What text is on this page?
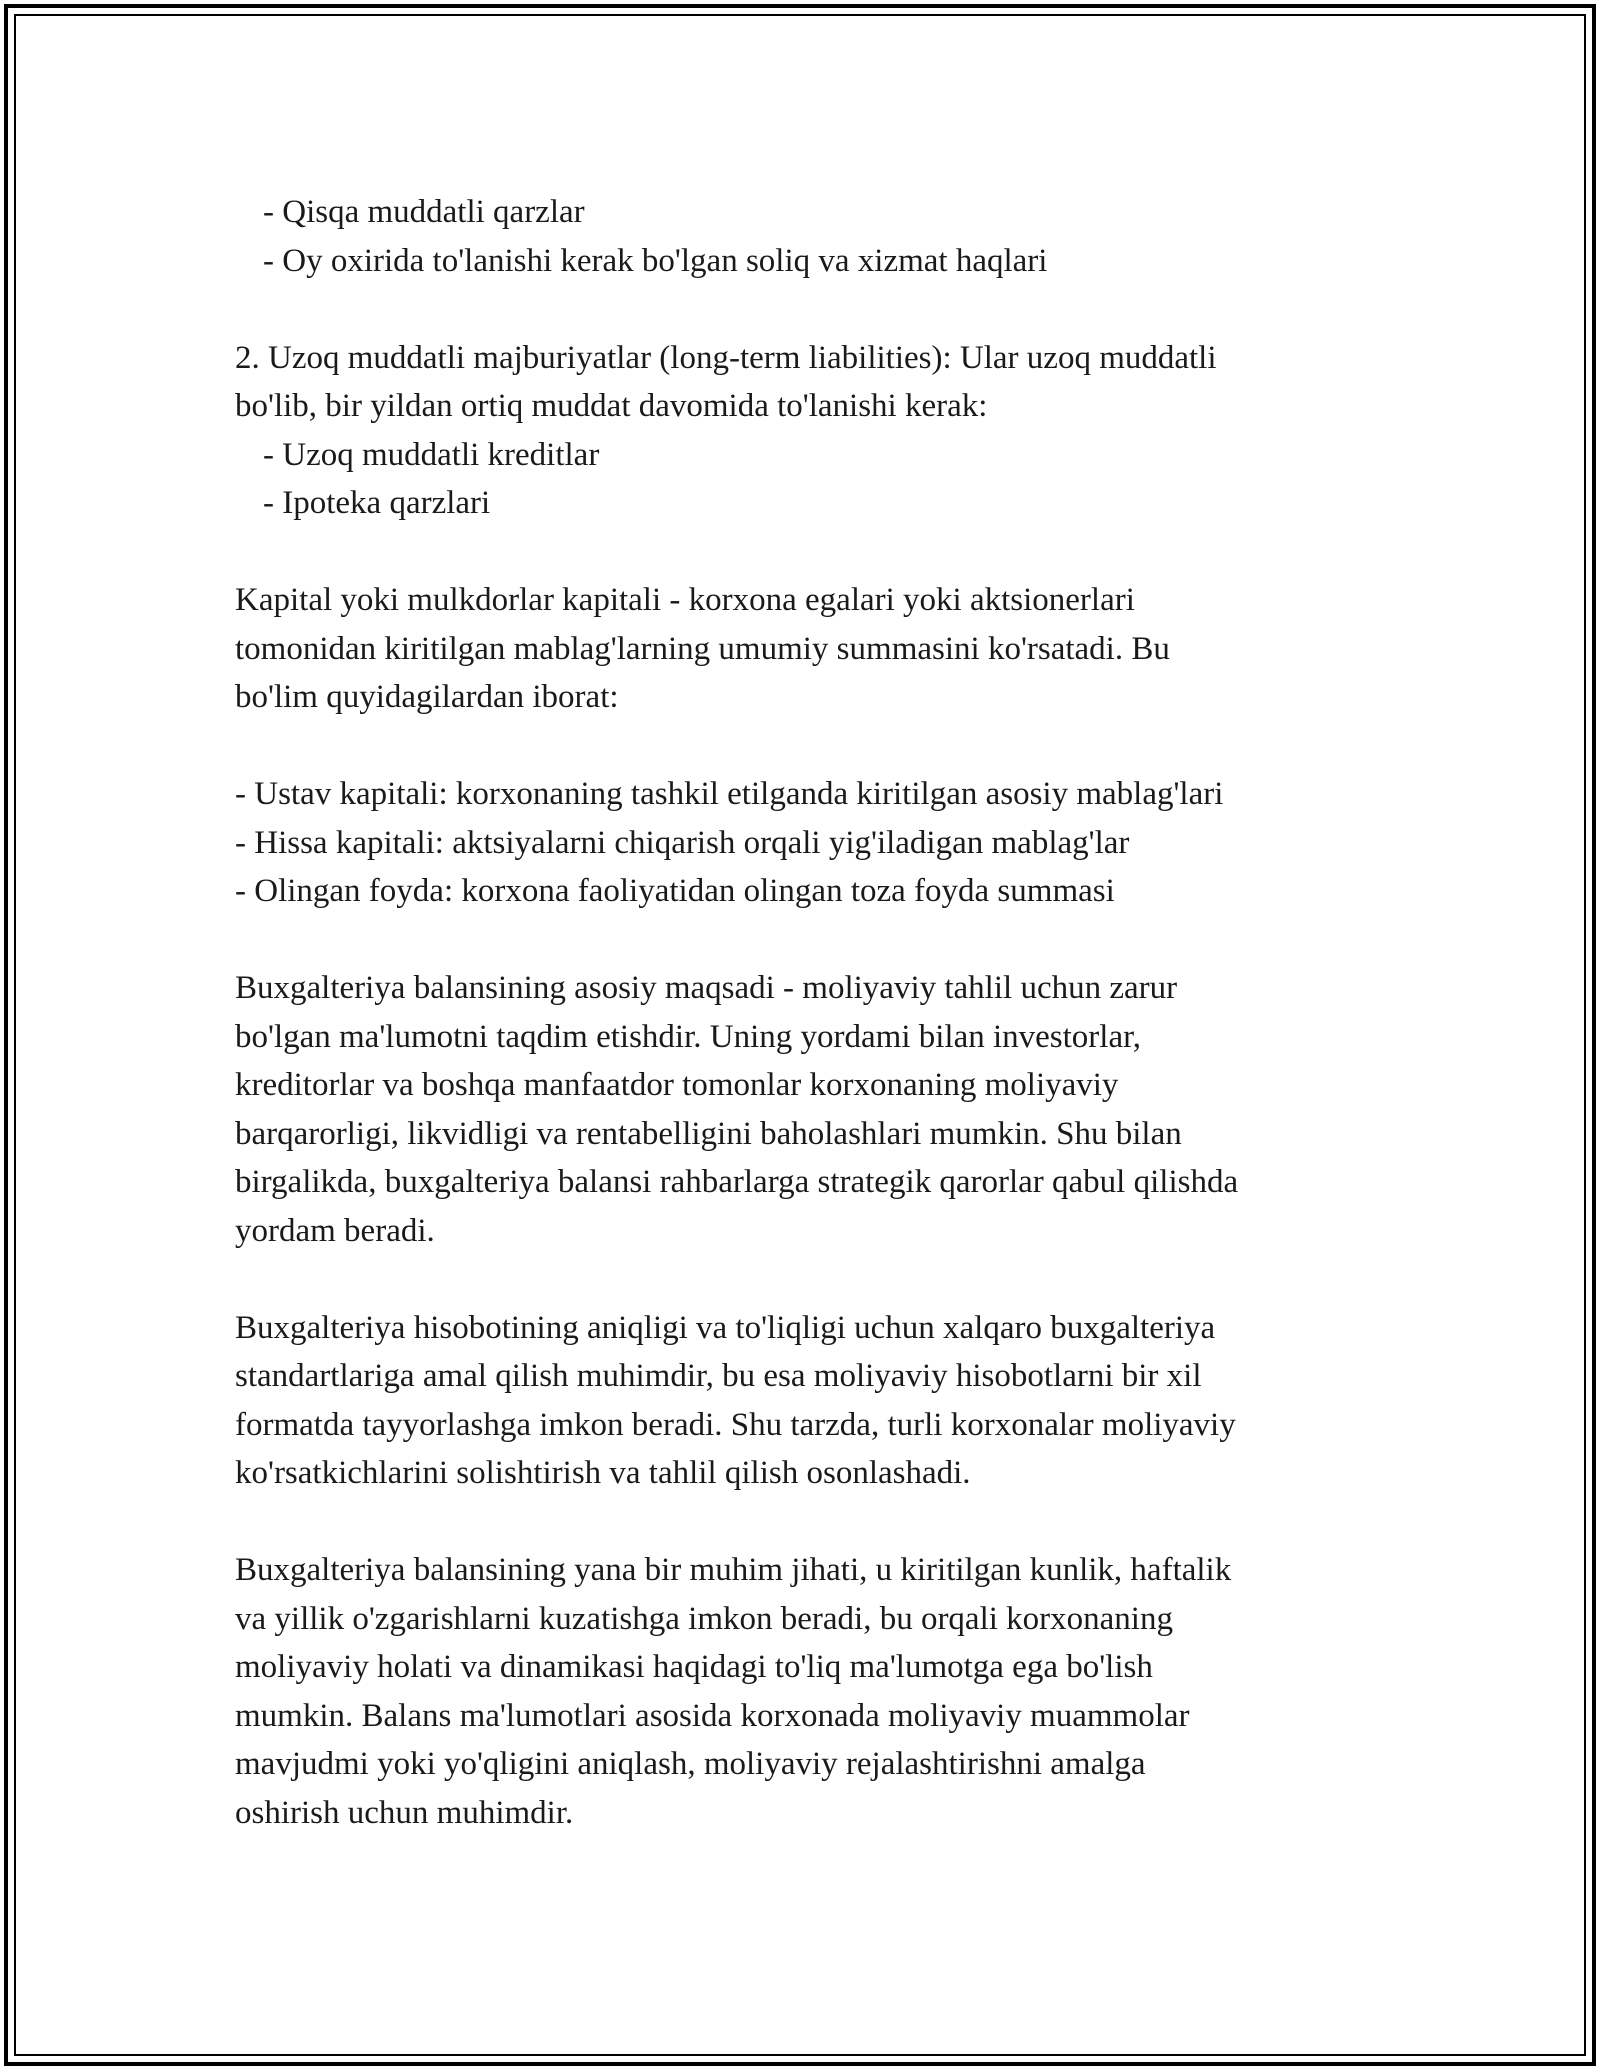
- Qisqa muddatli qarzlar
- Oy oxirida to'lanishi kerak bo'lgan soliq va xizmat haqlari
2. Uzoq muddatli majburiyatlar (long-term liabilities): Ular uzoq muddatli
bo'lib, bir yildan ortiq muddat davomida to'lanishi kerak:
- Uzoq muddatli kreditlar
- Ipoteka qarzlari
Kapital yoki mulkdorlar kapitali - korxona egalari yoki aktsionerlari
tomonidan kiritilgan mablag'larning umumiy summasini ko'rsatadi. Bu
bo'lim quyidagilardan iborat:
- Ustav kapitali: korxonaning tashkil etilganda kiritilgan asosiy mablag'lari
- Hissa kapitali: aktsiyalarni chiqarish orqali yig'iladigan mablag'lar
- Olingan foyda: korxona faoliyatidan olingan toza foyda summasi
Buxgalteriya balansining asosiy maqsadi - moliyaviy tahlil uchun zarur
bo'lgan ma'lumotni taqdim etishdir. Uning yordami bilan investorlar,
kreditorlar va boshqa manfaatdor tomonlar korxonaning moliyaviy
barqarorligi, likvidligi va rentabelligini baholashlari mumkin. Shu bilan
birgalikda, buxgalteriya balansi rahbarlarga strategik qarorlar qabul qilishda
yordam beradi.
Buxgalteriya hisobotining aniqligi va to'liqligi uchun xalqaro buxgalteriya
standartlariga amal qilish muhimdir, bu esa moliyaviy hisobotlarni bir xil
formatda tayyorlashga imkon beradi. Shu tarzda, turli korxonalar moliyaviy
ko'rsatkichlarini solishtirish va tahlil qilish osonlashadi.
Buxgalteriya balansining yana bir muhim jihati, u kiritilgan kunlik, haftalik
va yillik o'zgarishlarni kuzatishga imkon beradi, bu orqali korxonaning
moliyaviy holati va dinamikasi haqidagi to'liq ma'lumotga ega bo'lish
mumkin. Balans ma'lumotlari asosida korxonada moliyaviy muammolar
mavjudmi yoki yo'qligini aniqlash, moliyaviy rejalashtirishni amalga
oshirish uchun muhimdir.
